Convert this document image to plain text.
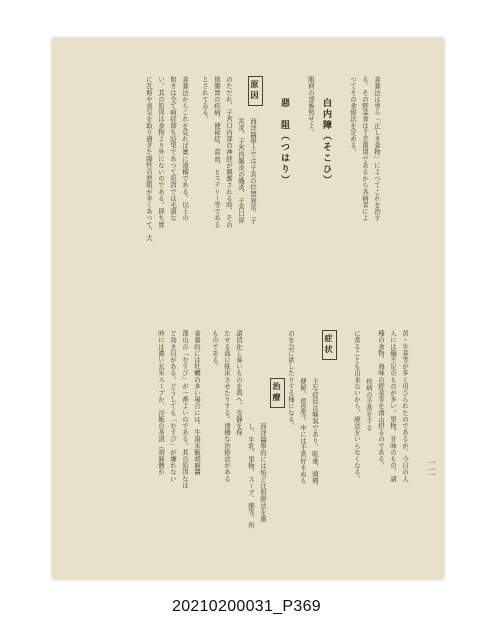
一二
黄・牛蒡等が多く用ひられたのであるが、今日の人
人には麵不足のものが多い。果物、甘味のもの、諸
種の食物、海味の野菜等を滑山摂るのである。
疾病の手當をする
に當ることも出来ないから、療法をいらなくなる。
症状
主な症状は嘔氣であり、眩暈、頭痛、
便秘、倦怠等。中には不當好まぬも
のを急に欲したりする様になる。
治療
西洋醫學的には殆ど注射療法を施
し、牛乳、果物、スープ、粥等、所
謂消化し易いものを與へ、安靜を保
たせる爲に臥床させたりする。滑稽な治療法がある
ものである。
食養的には牡蠣の多い場合には、牛湯米飯胡麻醬
澤山の「むすび」が一番よいのである。其の原因なは
ど効き目がある。どうしても「むすび」が嫌れない
時には濃い玄米スープか、冷飯の茶漬（胡麻鹽か
食養法は専ら「正しき食物」によつてこれを治す
る。その野菜食は千差萬別であるから各病者によ
つてその食療法を定める。
白内障（そこひ）
眼病の部参照せよ。
惡　阻（つはり）
原因
西洋醫學上では子宮の位置異常、子
宮炎、子宮内膜炎の織炎、子宮口屏
のただれ、子宮口内部の神経が興奮される時、その
他腸胃の疾病、便秘症、貧血、ヒステリー等である
とされてゐる。
食養法からこれを見れば實に滑稽である。以上の
如きは全て病症即ち結果であつて原因では毛頭な
い。其の原因は食物より外にないのである。即ち胃
に瓦斯や臭気を取り過ぎた陽性の悪阻が多くあつて、大
20210200031_P369
